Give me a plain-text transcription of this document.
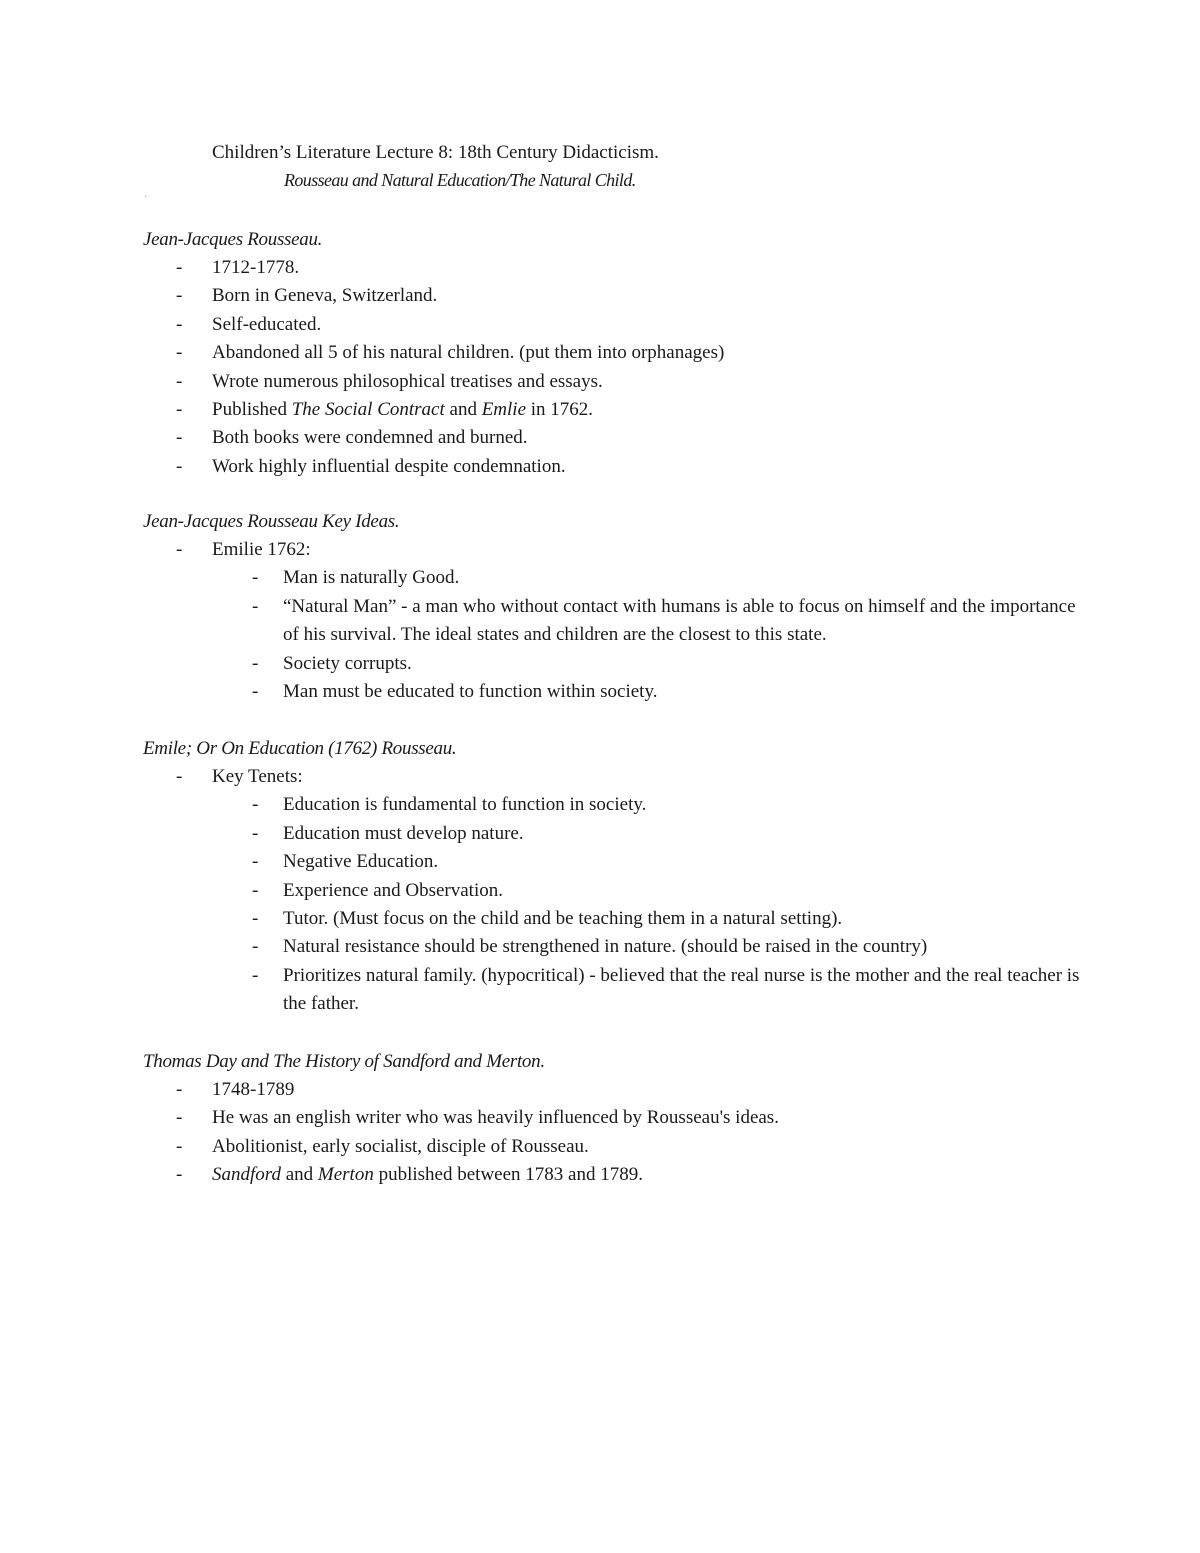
Children’s Literature Lecture 8: 18th Century Didacticism.
Rousseau and Natural Education/The Natural Child.
'
Jean-Jacques Rousseau.
- 1712-1778.
- Born in Geneva, Switzerland.
- Self-educated.
- Abandoned all 5 of his natural children. (put them into orphanages)
- Wrote numerous philosophical treatises and essays.
- Published The Social Contract and Emlie in 1762.
- Both books were condemned and burned.
- Work highly influential despite condemnation.
Jean-Jacques Rousseau Key Ideas.
- Emilie 1762:
- Man is naturally Good.
- “Natural Man” - a man who without contact with humans is able to focus on himself and the importance of his survival. The ideal states and children are the closest to this state.
- Society corrupts.
- Man must be educated to function within society.
Emile; Or On Education (1762) Rousseau.
- Key Tenets:
- Education is fundamental to function in society.
- Education must develop nature.
- Negative Education.
- Experience and Observation.
- Tutor. (Must focus on the child and be teaching them in a natural setting).
- Natural resistance should be strengthened in nature. (should be raised in the country)
- Prioritizes natural family. (hypocritical) - believed that the real nurse is the mother and the real teacher is the father.
Thomas Day and The History of Sandford and Merton.
- 1748-1789
- He was an english writer who was heavily influenced by Rousseau's ideas.
- Abolitionist, early socialist, disciple of Rousseau.
- Sandford and Merton published between 1783 and 1789.
